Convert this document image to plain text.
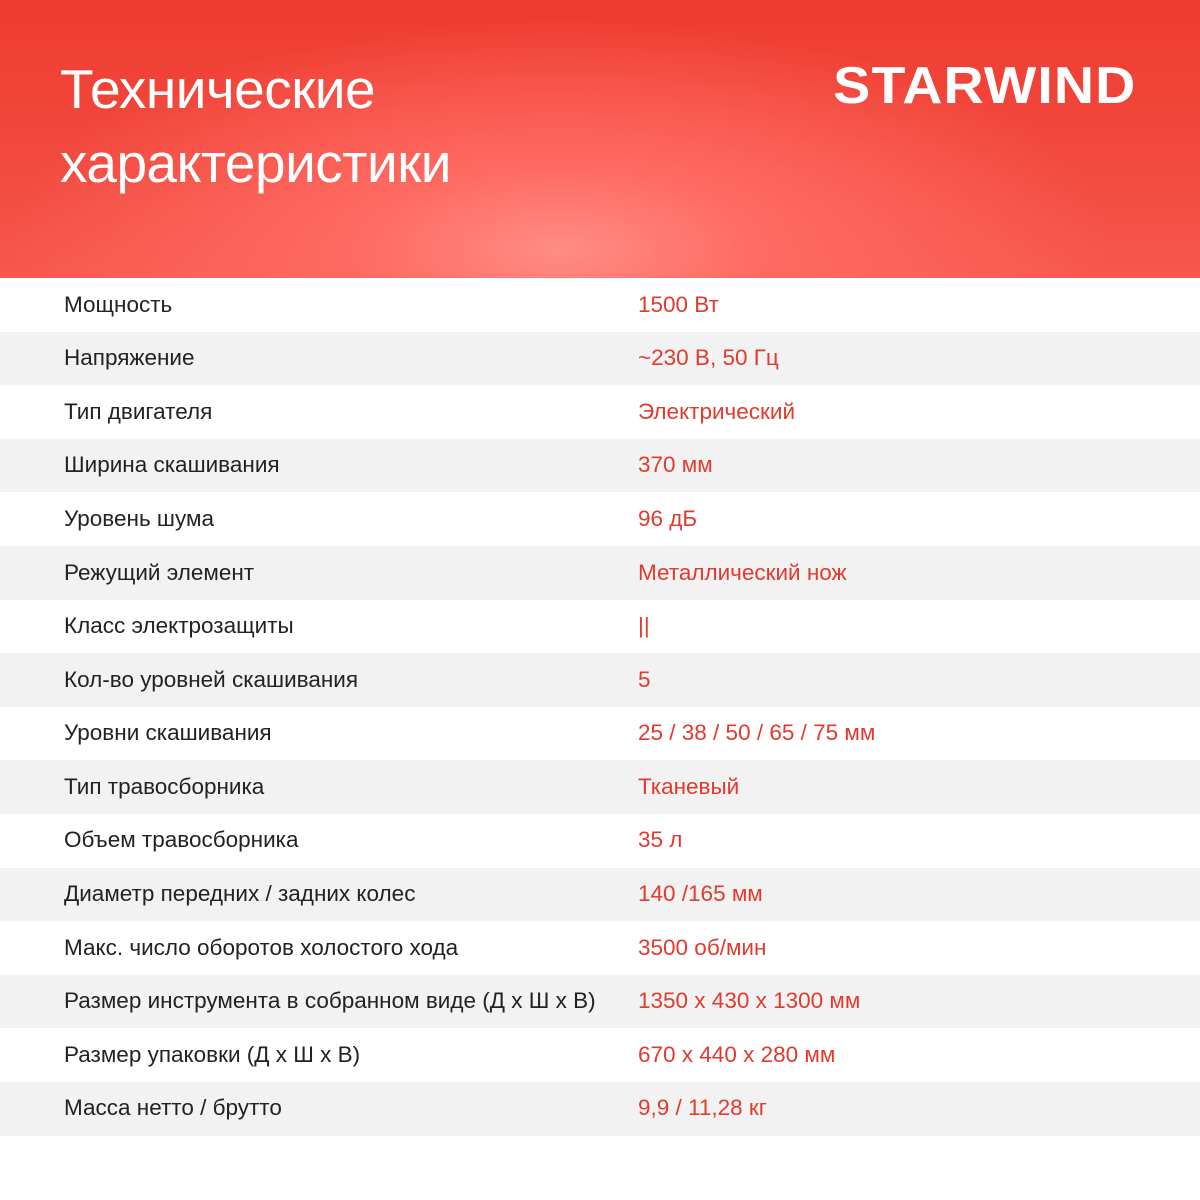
Технические
характеристики
STARWIND
Мощность	1500 Вт
Напряжение	~230 В, 50 Гц
Тип двигателя	Электрический
Ширина скашивания	370 мм
Уровень шума	96 дБ
Режущий элемент	Металлический нож
Класс электрозащиты	||
Кол-во уровней скашивания	5
Уровни скашивания	25 / 38 / 50 / 65 / 75 мм
Тип травосборника	Тканевый
Объем травосборника	35 л
Диаметр передних / задних колес	140 /165 мм
Макс. число оборотов холостого хода	3500 об/мин
Размер инструмента в собранном виде (Д х Ш х В)	1350 х 430 х 1300 мм
Размер упаковки (Д х Ш х В)	670 х 440 х 280 мм
Масса нетто / брутто	9,9 / 11,28 кг
